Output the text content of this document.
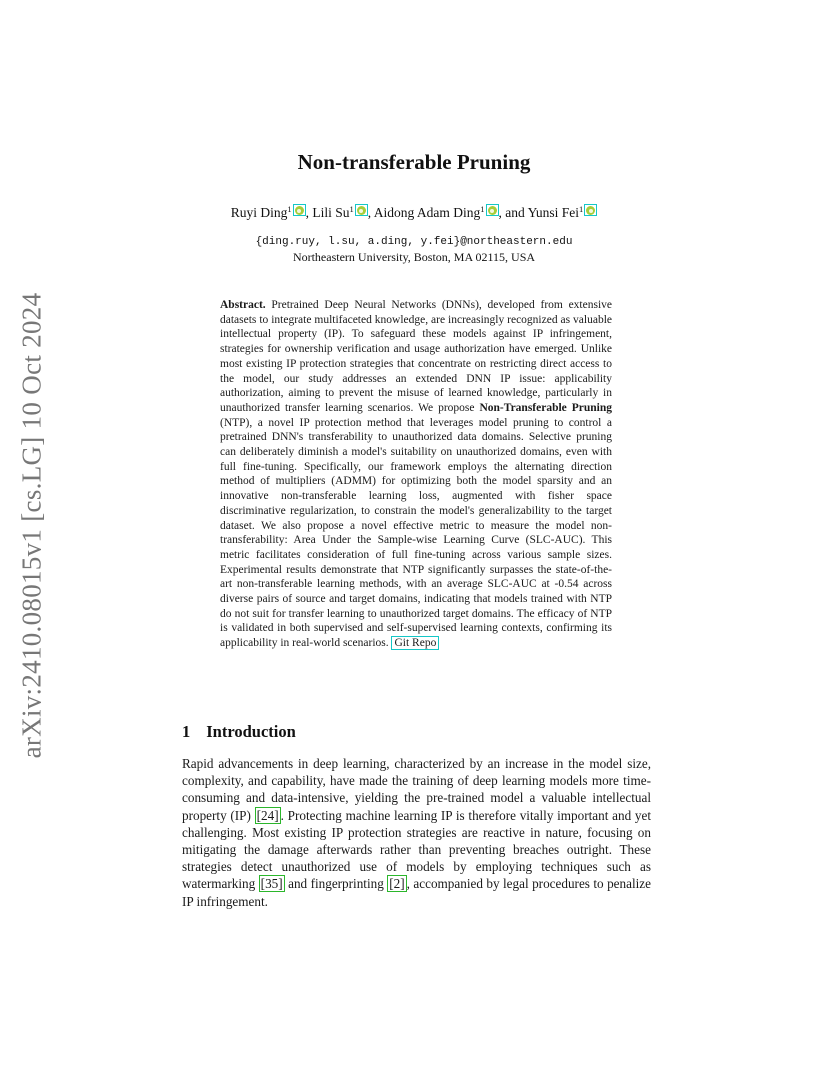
arXiv:2410.08015v1 [cs.LG] 10 Oct 2024
Non-transferable Pruning
Ruyi Ding$^1$ , Lili Su$^1$ , Aidong Adam Ding$^1$ , and Yunsi Fei$^1$
{ding.ruy, l.su, a.ding, y.fei}@northeastern.edu
Northeastern University, Boston, MA 02115, USA

Abstract. Pretrained Deep Neural Networks (DNNs), developed from extensive datasets to integrate multifaceted knowledge, are increasingly recognized as valuable intellectual property (IP). To safeguard these models against IP infringement, strategies for ownership verification and usage authorization have emerged. Unlike most existing IP protection strategies that concentrate on restricting direct access to the model, our study addresses an extended DNN IP issue: applicability authorization, aiming to prevent the misuse of learned knowledge, particularly in unauthorized transfer learning scenarios. We propose Non-Transferable Pruning (NTP), a novel IP protection method that leverages model pruning to control a pretrained DNN's transferability to unauthorized data domains. Selective pruning can deliberately diminish a model's suitability on unauthorized domains, even with full fine-tuning. Specifically, our framework employs the alternating direction method of multipliers (ADMM) for optimizing both the model sparsity and an innovative non-transferable learning loss, augmented with fisher space discriminative regularization, to constrain the model's generalizability to the target dataset. We also propose a novel effective metric to measure the model non-transferability: Area Under the Sample-wise Learning Curve (SLC-AUC). This metric facilitates consideration of full fine-tuning across various sample sizes. Experimental results demonstrate that NTP significantly surpasses the state-of-the-art non-transferable learning methods, with an average SLC-AUC at -0.54 across diverse pairs of source and target domains, indicating that models trained with NTP do not suit for transfer learning to unauthorized target domains. The efficacy of NTP is validated in both supervised and self-supervised learning contexts, confirming its applicability in real-world scenarios. Git Repo

1 Introduction

Rapid advancements in deep learning, characterized by an increase in the model size, complexity, and capability, have made the training of deep learning models more time-consuming and data-intensive, yielding the pre-trained model a valuable intellectual property (IP) [24] . Protecting machine learning IP is therefore vitally important and yet challenging. Most existing IP protection strategies are reactive in nature, focusing on mitigating the damage afterwards rather than preventing breaches outright. These strategies detect unauthorized use of models by employing techniques such as watermarking [35] and fingerprinting [2] , accompanied by legal procedures to penalize IP infringement.
